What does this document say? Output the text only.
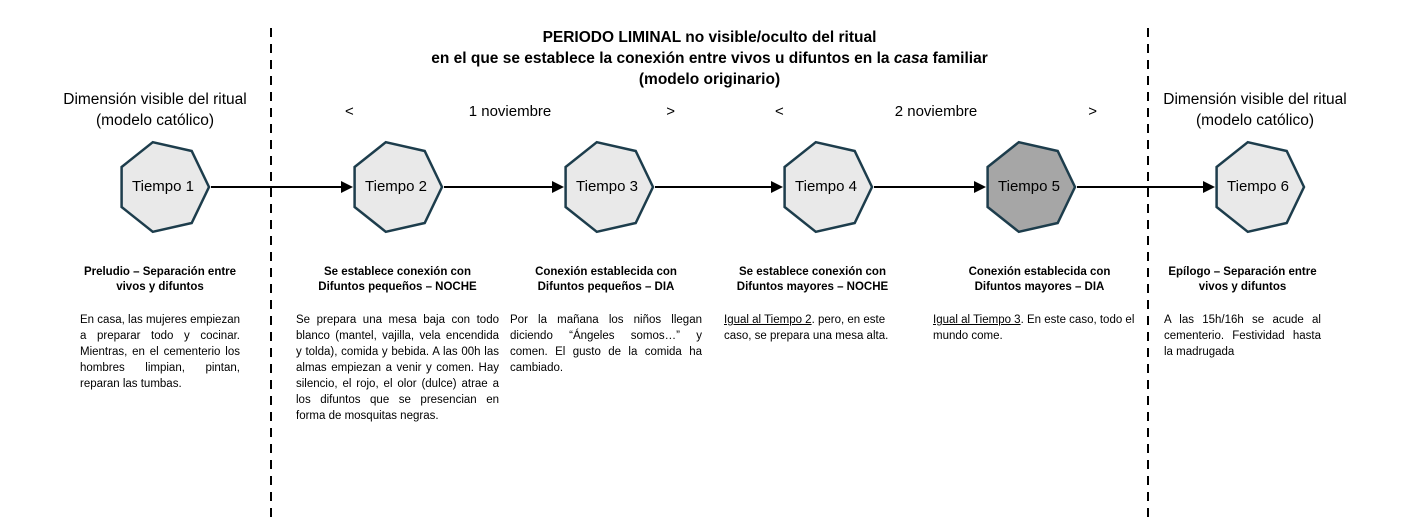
PERIODO LIMINAL no visible/oculto del ritual
en el que se establece la conexión entre vivos u difuntos en la casa familiar
(modelo originario)
Dimensión visible del ritual
(modelo católico)
Dimensión visible del ritual
(modelo católico)
<	1 noviembre	>	<	2 noviembre	>
Tiempo 1	Tiempo 2	Tiempo 3	Tiempo 4	Tiempo 5	Tiempo 6
Preludio – Separación entre
vivos y difuntos
En casa, las mujeres empiezan a preparar todo y cocinar. Mientras, en el cementerio los hombres limpian, pintan, reparan las tumbas.
Se establece conexión con
Difuntos pequeños – NOCHE
Se prepara una mesa baja con todo blanco (mantel, vajilla, vela encendida y tolda), comida y bebida. A las 00h las almas empiezan a venir y comen. Hay silencio, el rojo, el olor (dulce) atrae a los difuntos que se presencian en forma de mosquitas negras.
Conexión establecida con
Difuntos pequeños – DIA
Por la mañana los niños llegan diciendo “Ángeles somos…” y comen. El gusto de la comida ha cambiado.
Se establece conexión con
Difuntos mayores – NOCHE
Igual al Tiempo 2. pero, en este caso, se prepara una mesa alta.
Conexión establecida con
Difuntos mayores – DIA
Igual al Tiempo 3. En este caso, todo el mundo come.
Epílogo – Separación entre
vivos y difuntos
A las 15h/16h se acude al cementerio. Festividad hasta la madrugada
